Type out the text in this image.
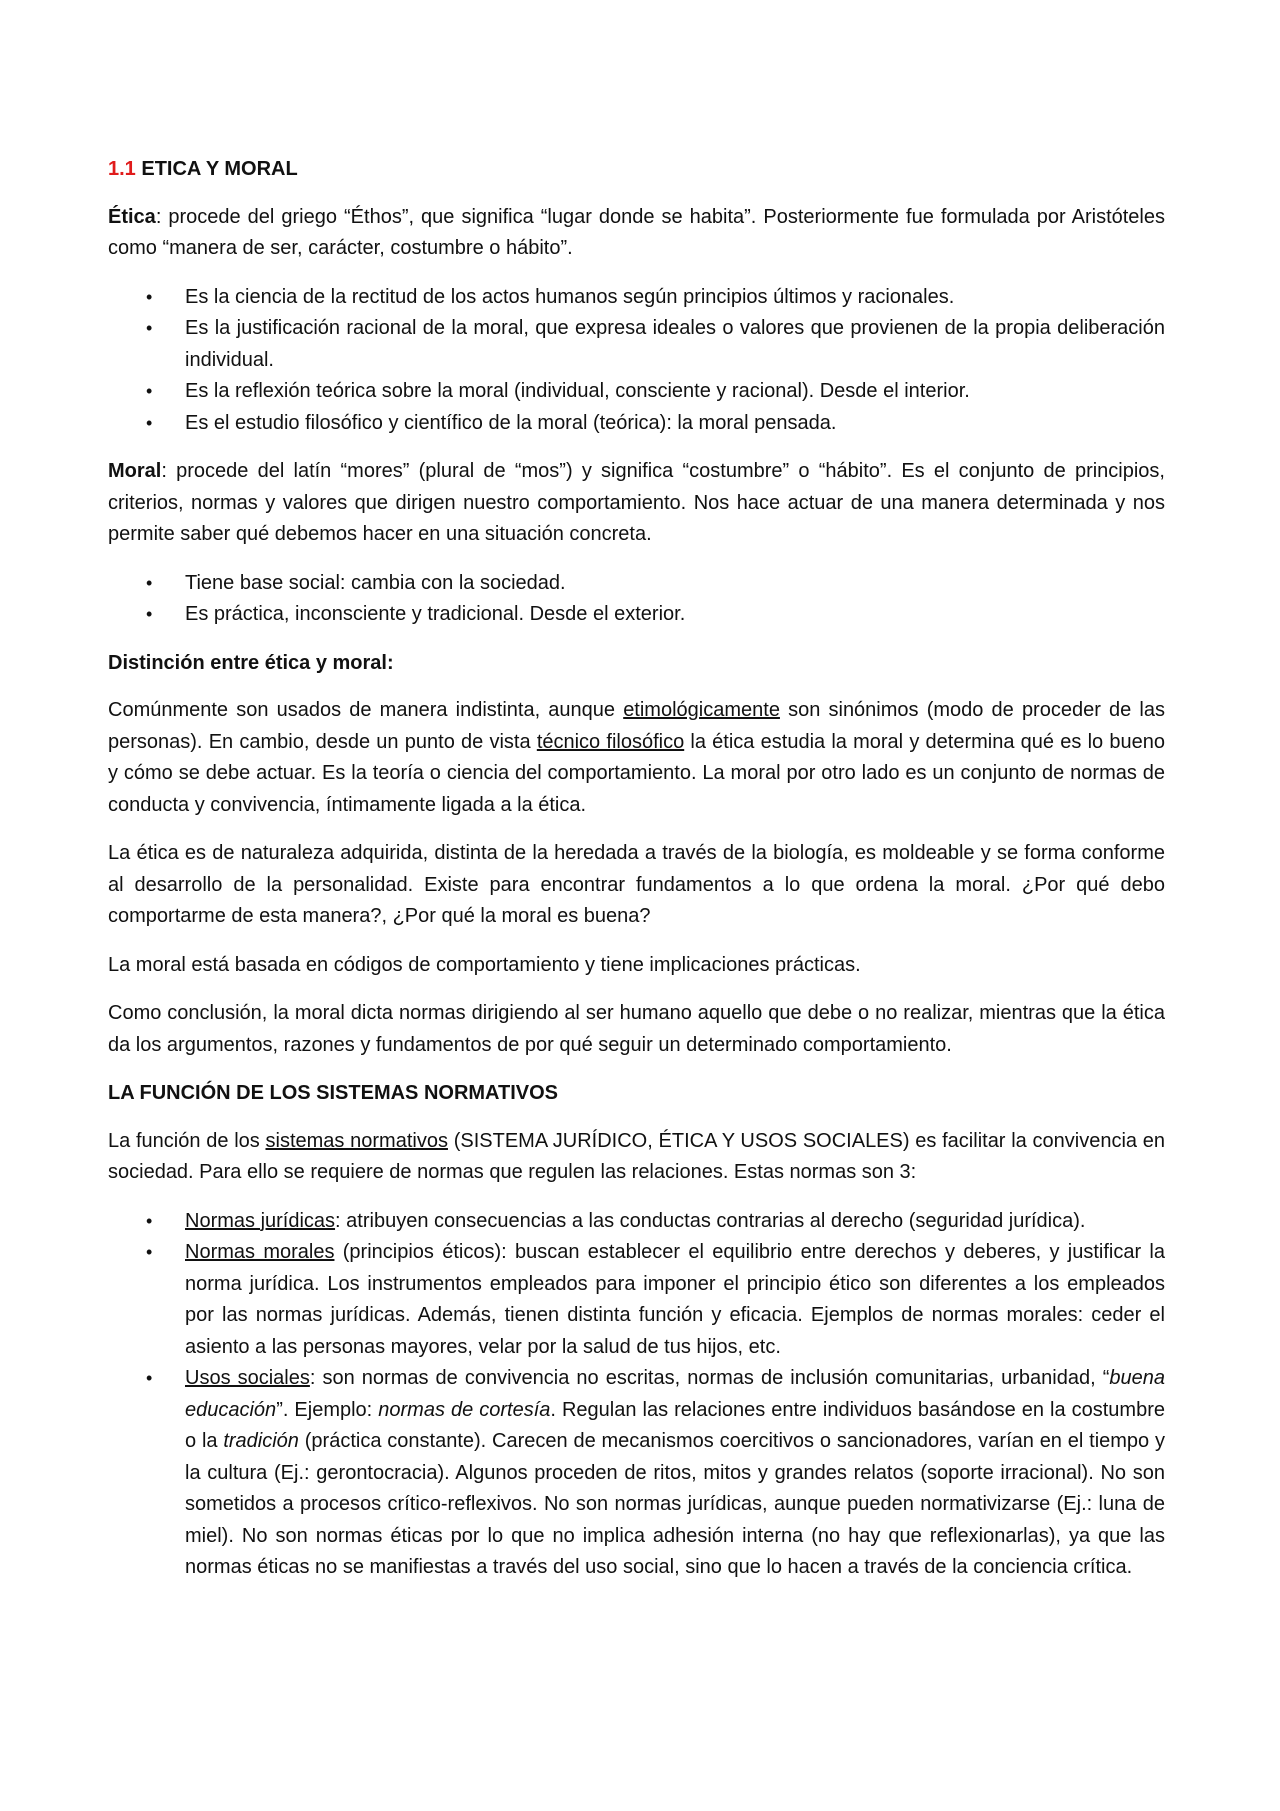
1.1 ETICA Y MORAL

Ética: procede del griego “Éthos”, que significa “lugar donde se habita”. Posteriormente fue formulada por Aristóteles como “manera de ser, carácter, costumbre o hábito”.

• Es la ciencia de la rectitud de los actos humanos según principios últimos y racionales.
• Es la justificación racional de la moral, que expresa ideales o valores que provienen de la propia deliberación individual.
• Es la reflexión teórica sobre la moral (individual, consciente y racional). Desde el interior.
• Es el estudio filosófico y científico de la moral (teórica): la moral pensada.

Moral: procede del latín “mores” (plural de “mos”) y significa “costumbre” o “hábito”. Es el conjunto de principios, criterios, normas y valores que dirigen nuestro comportamiento. Nos hace actuar de una manera determinada y nos permite saber qué debemos hacer en una situación concreta.

• Tiene base social: cambia con la sociedad.
• Es práctica, inconsciente y tradicional. Desde el exterior.

Distinción entre ética y moral:

Comúnmente son usados de manera indistinta, aunque etimológicamente son sinónimos (modo de proceder de las personas). En cambio, desde un punto de vista técnico filosófico la ética estudia la moral y determina qué es lo bueno y cómo se debe actuar. Es la teoría o ciencia del comportamiento. La moral por otro lado es un conjunto de normas de conducta y convivencia, íntimamente ligada a la ética.

La ética es de naturaleza adquirida, distinta de la heredada a través de la biología, es moldeable y se forma conforme al desarrollo de la personalidad. Existe para encontrar fundamentos a lo que ordena la moral. ¿Por qué debo comportarme de esta manera?, ¿Por qué la moral es buena?

La moral está basada en códigos de comportamiento y tiene implicaciones prácticas.

Como conclusión, la moral dicta normas dirigiendo al ser humano aquello que debe o no realizar, mientras que la ética da los argumentos, razones y fundamentos de por qué seguir un determinado comportamiento.

LA FUNCIÓN DE LOS SISTEMAS NORMATIVOS

La función de los sistemas normativos (SISTEMA JURÍDICO, ÉTICA Y USOS SOCIALES) es facilitar la convivencia en sociedad. Para ello se requiere de normas que regulen las relaciones. Estas normas son 3:

• Normas jurídicas: atribuyen consecuencias a las conductas contrarias al derecho (seguridad jurídica).
• Normas morales (principios éticos): buscan establecer el equilibrio entre derechos y deberes, y justificar la norma jurídica. Los instrumentos empleados para imponer el principio ético son diferentes a los empleados por las normas jurídicas. Además, tienen distinta función y eficacia. Ejemplos de normas morales: ceder el asiento a las personas mayores, velar por la salud de tus hijos, etc.
• Usos sociales: son normas de convivencia no escritas, normas de inclusión comunitarias, urbanidad, “buena educación”. Ejemplo: normas de cortesía. Regulan las relaciones entre individuos basándose en la costumbre o la tradición (práctica constante). Carecen de mecanismos coercitivos o sancionadores, varían en el tiempo y la cultura (Ej.: gerontocracia). Algunos proceden de ritos, mitos y grandes relatos (soporte irracional). No son sometidos a procesos crítico-reflexivos. No son normas jurídicas, aunque pueden normativizarse (Ej.: luna de miel). No son normas éticas por lo que no implica adhesión interna (no hay que reflexionarlas), ya que las normas éticas no se manifiestas a través del uso social, sino que lo hacen a través de la conciencia crítica.
